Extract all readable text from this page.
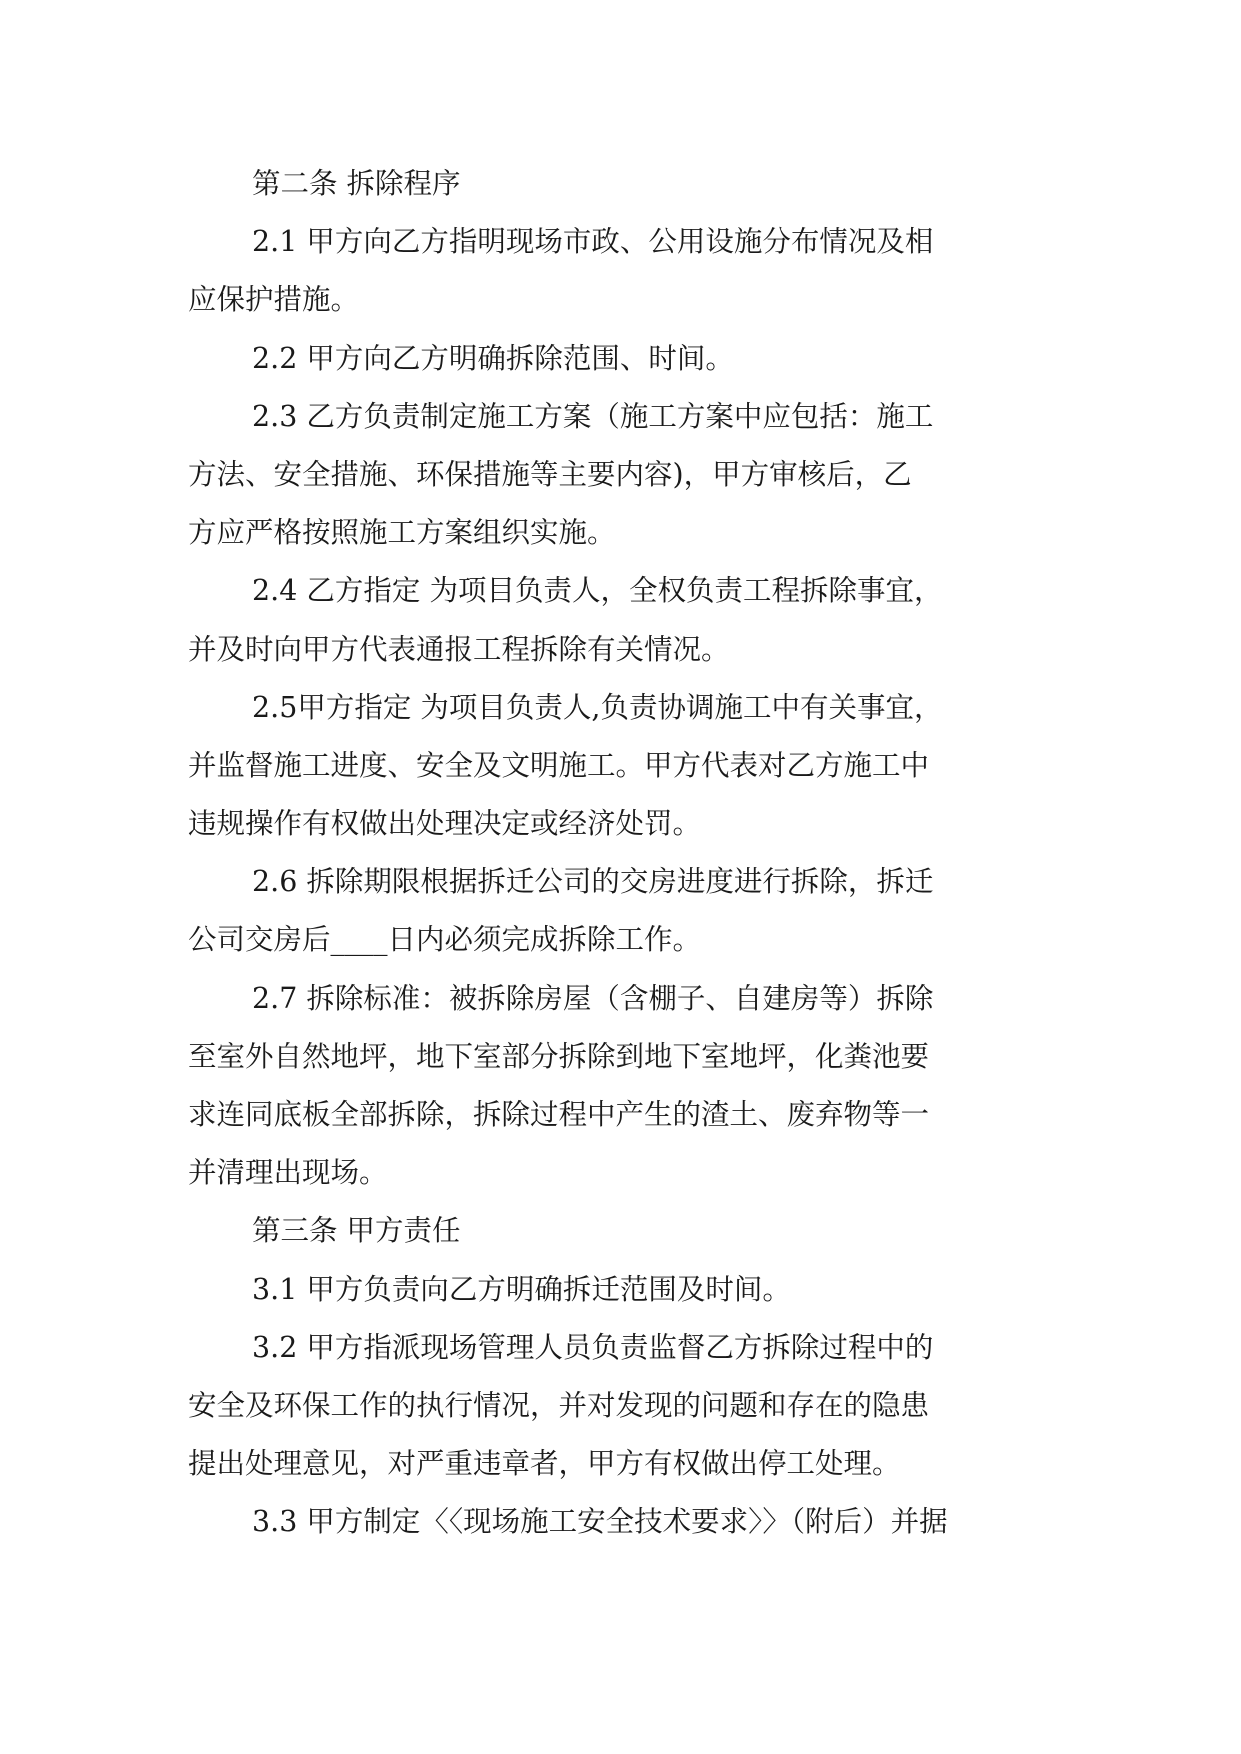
第二条 拆除程序
2.1 甲方向乙方指明现场市政、公用设施分布情况及相
应保护措施。
2.2 甲方向乙方明确拆除范围、时间。
2.3 乙方负责制定施工方案（施工方案中应包括：施工
方法、安全措施、环保措施等主要内容)，甲方审核后，乙
方应严格按照施工方案组织实施。
2.4 乙方指定 为项目负责人，全权负责工程拆除事宜，
并及时向甲方代表通报工程拆除有关情况。
2.5甲方指定 为项目负责人,负责协调施工中有关事宜，
并监督施工进度、安全及文明施工。甲方代表对乙方施工中
违规操作有权做出处理决定或经济处罚。
2.6 拆除期限根据拆迁公司的交房进度进行拆除，拆迁
公司交房后____日内必须完成拆除工作。
2.7 拆除标准：被拆除房屋（含棚子、自建房等）拆除
至室外自然地坪，地下室部分拆除到地下室地坪，化粪池要
求连同底板全部拆除，拆除过程中产生的渣土、废弃物等一
并清理出现场。
第三条 甲方责任
3.1 甲方负责向乙方明确拆迁范围及时间。
3.2 甲方指派现场管理人员负责监督乙方拆除过程中的
安全及环保工作的执行情况，并对发现的问题和存在的隐患
提出处理意见，对严重违章者，甲方有权做出停工处理。
3.3 甲方制定〈〈现场施工安全技术要求〉〉（附后）并据
